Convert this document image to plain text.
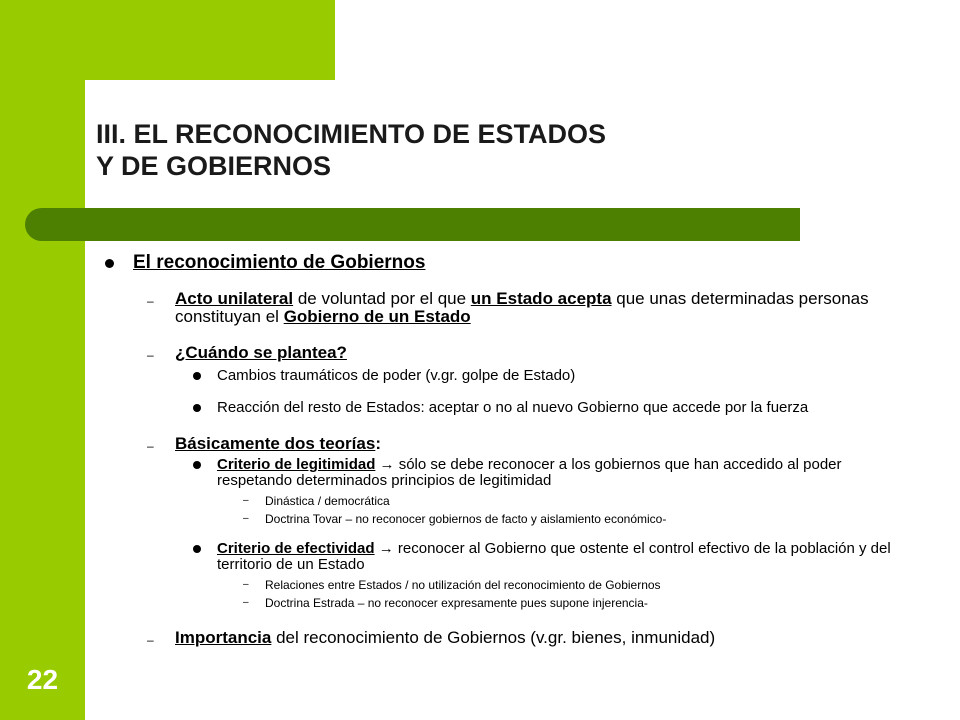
III. EL RECONOCIMIENTO DE ESTADOS
Y DE GOBIERNOS
22
El reconocimiento de Gobiernos
– Acto unilateral de voluntad por el que un Estado acepta que unas determinadas personas constituyan el Gobierno de un Estado
– ¿Cuándo se plantea?
Cambios traumáticos de poder (v.gr. golpe de Estado)
Reacción del resto de Estados: aceptar o no al nuevo Gobierno que accede por la fuerza
– Básicamente dos teorías:
Criterio de legitimidad → sólo se debe reconocer a los gobiernos que han accedido al poder respetando determinados principios de legitimidad
– Dinástica / democrática
– Doctrina Tovar – no reconocer gobiernos de facto y aislamiento económico-
Criterio de efectividad → reconocer al Gobierno que ostente el control efectivo de la población y del territorio de un Estado
– Relaciones entre Estados / no utilización del reconocimiento de Gobiernos
– Doctrina Estrada – no reconocer expresamente pues supone injerencia-
– Importancia del reconocimiento de Gobiernos (v.gr. bienes, inmunidad)
